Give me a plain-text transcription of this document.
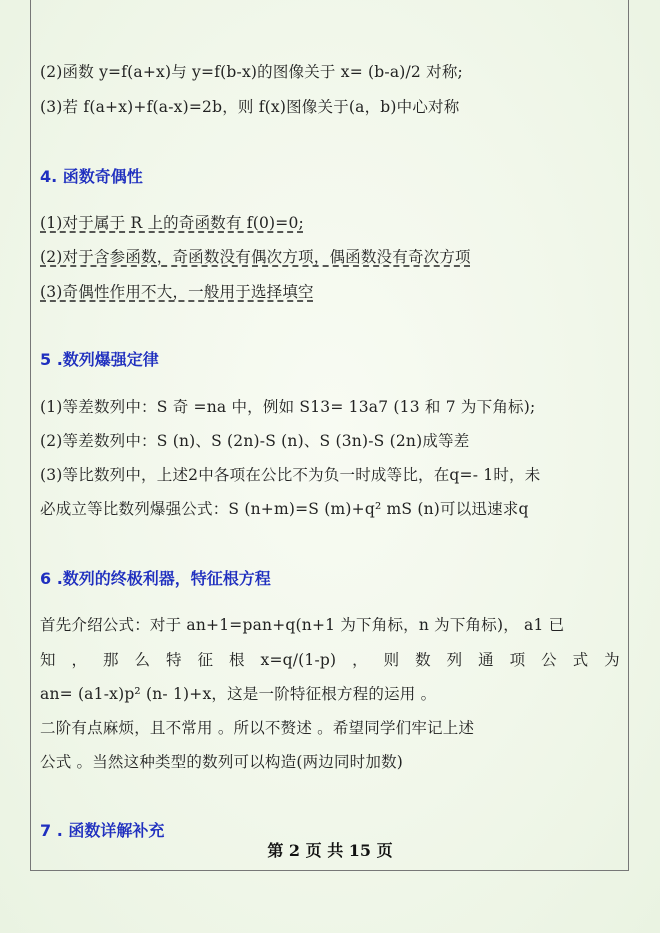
(2)函数 y=f(a+x)与 y=f(b-x)的图像关于 x= (b-a)/2 对称;
(3)若 f(a+x)+f(a-x)=2b，则 f(x)图像关于(a，b)中心对称
4. 函数奇偶性
(1)对于属于 R 上的奇函数有 f(0)=0;
(2)对于含参函数，奇函数没有偶次方项，偶函数没有奇次方项
(3)奇偶性作用不大，一般用于选择填空
5 .数列爆强定律
(1)等差数列中：S 奇 =na 中，例如 S13= 13a7 (13 和 7 为下角标);
(2)等差数列中：S (n)、S (2n)-S (n)、S (3n)-S (2n)成等差
(3)等比数列中，上述2中各项在公比不为负一时成等比，在q=- 1时，未
必成立等比数列爆强公式：S (n+m)=S (m)+q² mS (n)可以迅速求q
6 .数列的终极利器，特征根方程
首先介绍公式：对于 an+1=pan+q(n+1 为下角标，n 为下角标)， a1 已
知 ， 那 么 特 征 根 x=q/(1-p) ， 则 数 列 通 项 公 式 为
an= (a1-x)p² (n- 1)+x，这是一阶特征根方程的运用 。
二阶有点麻烦，且不常用 。所以不赘述 。希望同学们牢记上述
公式 。当然这种类型的数列可以构造(两边同时加数)
7 . 函数详解补充
第 2 页 共 15 页
